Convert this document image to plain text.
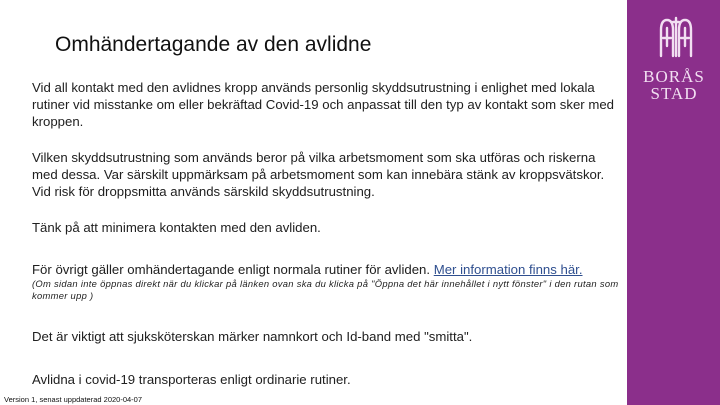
BORÅS
STAD
Omhändertagande av den avlidne

Vid all kontakt med den avlidnes kropp används personlig skyddsutrustning i enlighet med lokala rutiner vid misstanke om eller bekräftad Covid-19 och anpassat till den typ av kontakt som sker med kroppen.

Vilken skyddsutrustning som används beror på vilka arbetsmoment som ska utföras och riskerna med dessa. Var särskilt uppmärksam på arbetsmoment som kan innebära stänk av kroppsvätskor. Vid risk för droppsmitta används särskild skyddsutrustning.

Tänk på att minimera kontakten med den avliden.

För övrigt gäller omhändertagande enligt normala rutiner för avliden. Mer information finns här.

(Om sidan inte öppnas direkt när du klickar på länken ovan ska du klicka på "Öppna det här innehållet i nytt fönster" i den rutan som kommer upp )

Det är viktigt att sjuksköterskan märker namnkort och Id-band med "smitta".

Avlidna i covid-19 transporteras enligt ordinarie rutiner.

Version 1, senast uppdaterad 2020-04-07
